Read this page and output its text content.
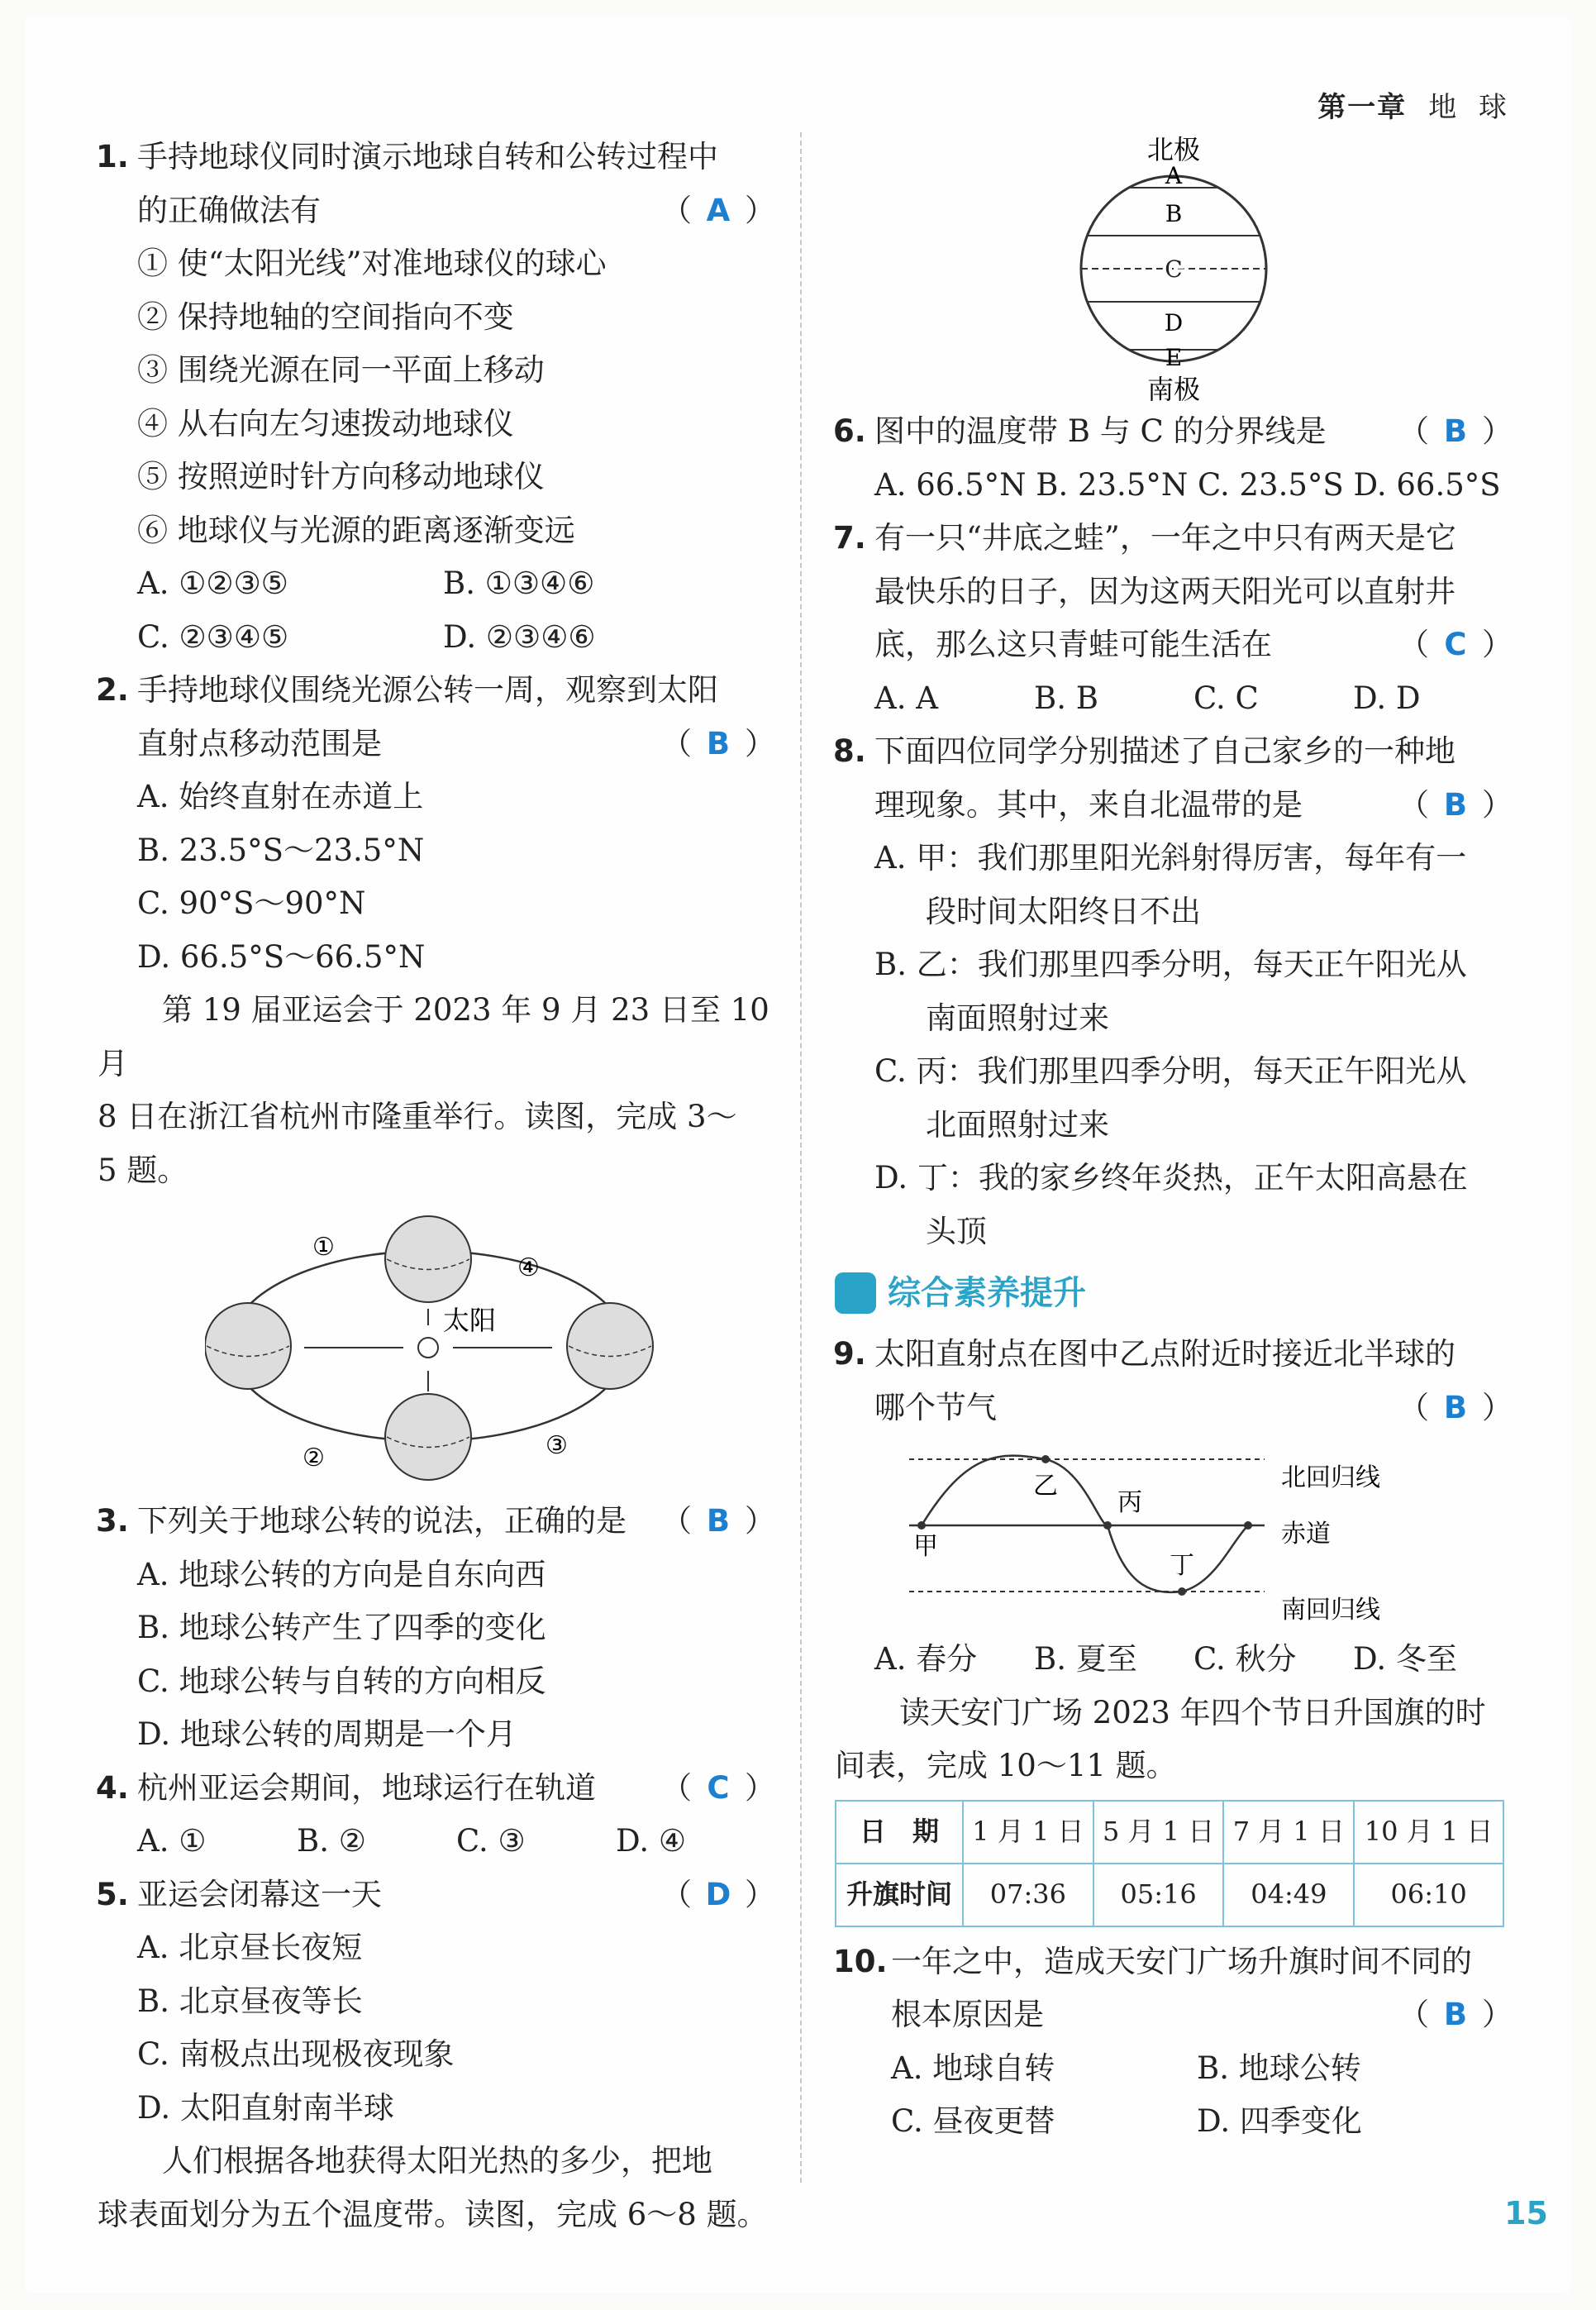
第一章 地 球
1. 手持地球仪同时演示地球自转和公转过程中
的正确做法有	（ A ）
① 使“太阳光线”对准地球仪的球心
② 保持地轴的空间指向不变
③ 围绕光源在同一平面上移动
④ 从右向左匀速拨动地球仪
⑤ 按照逆时针方向移动地球仪
⑥ 地球仪与光源的距离逐渐变远
A. ①②③⑤	B. ①③④⑥
C. ②③④⑤	D. ②③④⑥
2. 手持地球仪围绕光源公转一周，观察到太阳
直射点移动范围是	（ B ）
A. 始终直射在赤道上
B. 23.5°S～23.5°N
C. 90°S～90°N
D. 66.5°S～66.5°N
第 19 届亚运会于 2023 年 9 月 23 日至 10 月
8 日在浙江省杭州市隆重举行。读图，完成 3～
5 题。
太阳
①
④
②	③
3. 下列关于地球公转的说法，正确的是 （ B ）
A. 地球公转的方向是自东向西
B. 地球公转产生了四季的变化
C. 地球公转与自转的方向相反
D. 地球公转的周期是一个月
4. 杭州亚运会期间，地球运行在轨道 （ C ）
A. ①	B. ②	C. ③	D. ④
5. 亚运会闭幕这一天	（ D ）
A. 北京昼长夜短
B. 北京昼夜等长
C. 南极点出现极夜现象
D. 太阳直射南半球
人们根据各地获得太阳光热的多少，把地
球表面划分为五个温度带。读图，完成 6～8 题。
北极
A
B
C
D
E
南极
6. 图中的温度带 B 与 C 的分界线是 （ B ）
A. 66.5°N B. 23.5°N C. 23.5°S D. 66.5°S
7. 有一只“井底之蛙”，一年之中只有两天是它
最快乐的日子，因为这两天阳光可以直射井
底，那么这只青蛙可能生活在	（ C ）
A. A	B. B	C. C	D. D
8. 下面四位同学分别描述了自己家乡的一种地
理现象。其中，来自北温带的是	（ B ）
A. 甲：我们那里阳光斜射得厉害，每年有一
段时间太阳终日不出
B. 乙：我们那里四季分明，每天正午阳光从
南面照射过来
C. 丙：我们那里四季分明，每天正午阳光从
北面照射过来
D. 丁：我的家乡终年炎热，正午太阳高悬在
头顶
综合素养提升
9. 太阳直射点在图中乙点附近时接近北半球的
哪个节气	（ B ）
甲
乙
丙
丁
北回归线
赤道
南回归线
A. 春分	B. 夏至	C. 秋分	D. 冬至
读天安门广场 2023 年四个节日升国旗的时
间表，完成 10～11 题。
日　期	1 月 1 日	5 月 1 日	7 月 1 日	10 月 1 日
升旗时间	07:36	05:16	04:49	06:10
10. 一年之中，造成天安门广场升旗时间不同的
根本原因是	（ B ）
A. 地球自转	B. 地球公转
C. 昼夜更替	D. 四季变化
15
